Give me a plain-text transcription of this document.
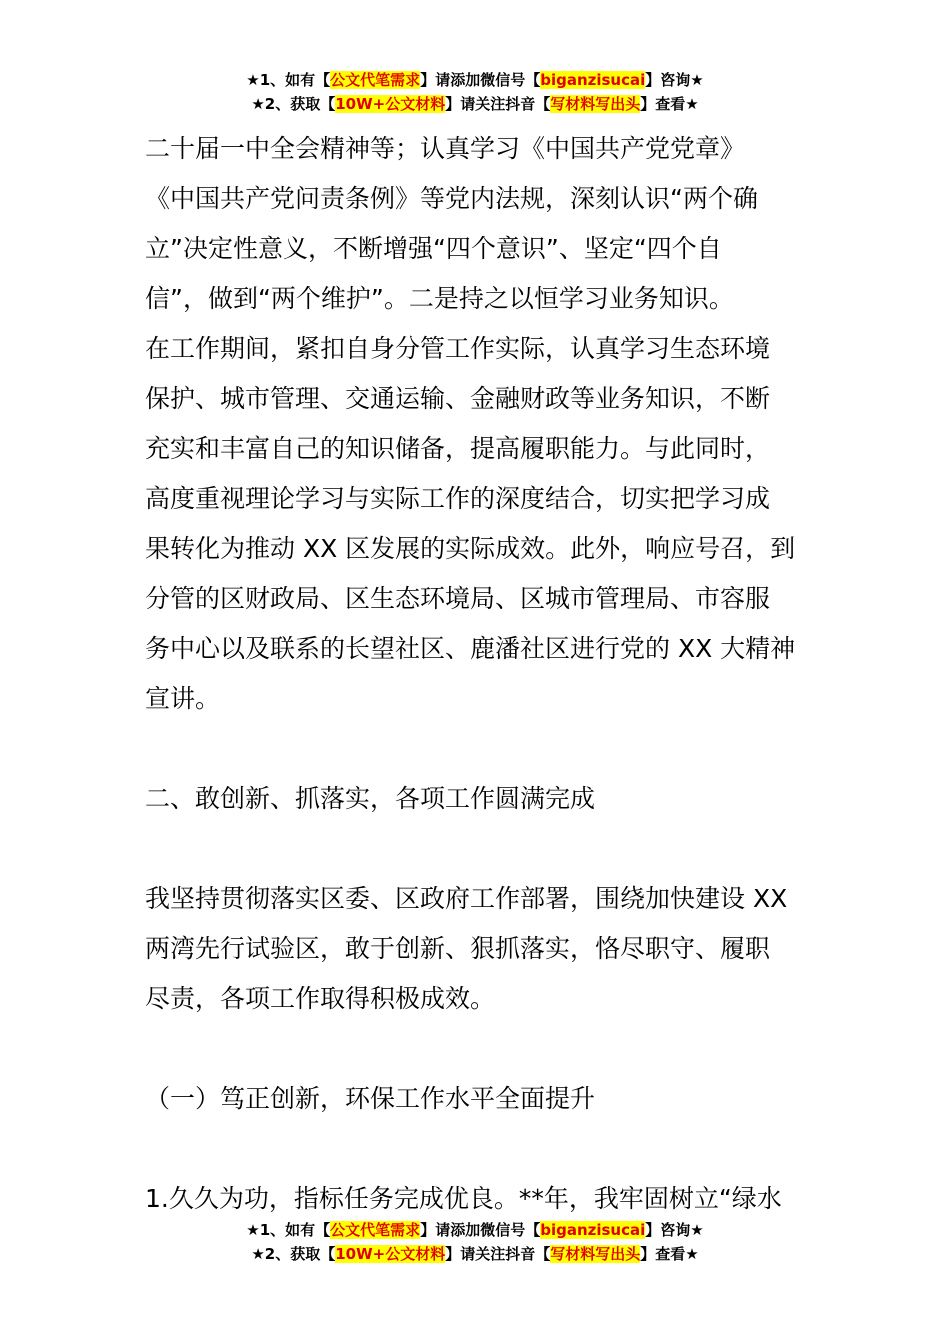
★1、如有【公文代笔需求】请添加微信号【biganzisucai】咨询★
★2、获取【10W+公文材料】请关注抖音【写材料写出头】查看★
二十届一中全会精神等；认真学习《中国共产党党章》
《中国共产党问责条例》等党内法规，深刻认识“两个确
立”决定性意义，不断增强“四个意识”、坚定“四个自
信”，做到“两个维护”。二是持之以恒学习业务知识。
在工作期间，紧扣自身分管工作实际，认真学习生态环境
保护、城市管理、交通运输、金融财政等业务知识，不断
充实和丰富自己的知识储备，提高履职能力。与此同时，
高度重视理论学习与实际工作的深度结合，切实把学习成
果转化为推动 XX 区发展的实际成效。此外，响应号召，到
分管的区财政局、区生态环境局、区城市管理局、市容服
务中心以及联系的长望社区、鹿潘社区进行党的 XX 大精神
宣讲。
二、敢创新、抓落实，各项工作圆满完成
我坚持贯彻落实区委、区政府工作部署，围绕加快建设 XX
两湾先行试验区，敢于创新、狠抓落实，恪尽职守、履职
尽责，各项工作取得积极成效。
（一）笃正创新，环保工作水平全面提升
1.久久为功，指标任务完成优良。**年，我牢固树立“绿水
★1、如有【公文代笔需求】请添加微信号【biganzisucai】咨询★
★2、获取【10W+公文材料】请关注抖音【写材料写出头】查看★
